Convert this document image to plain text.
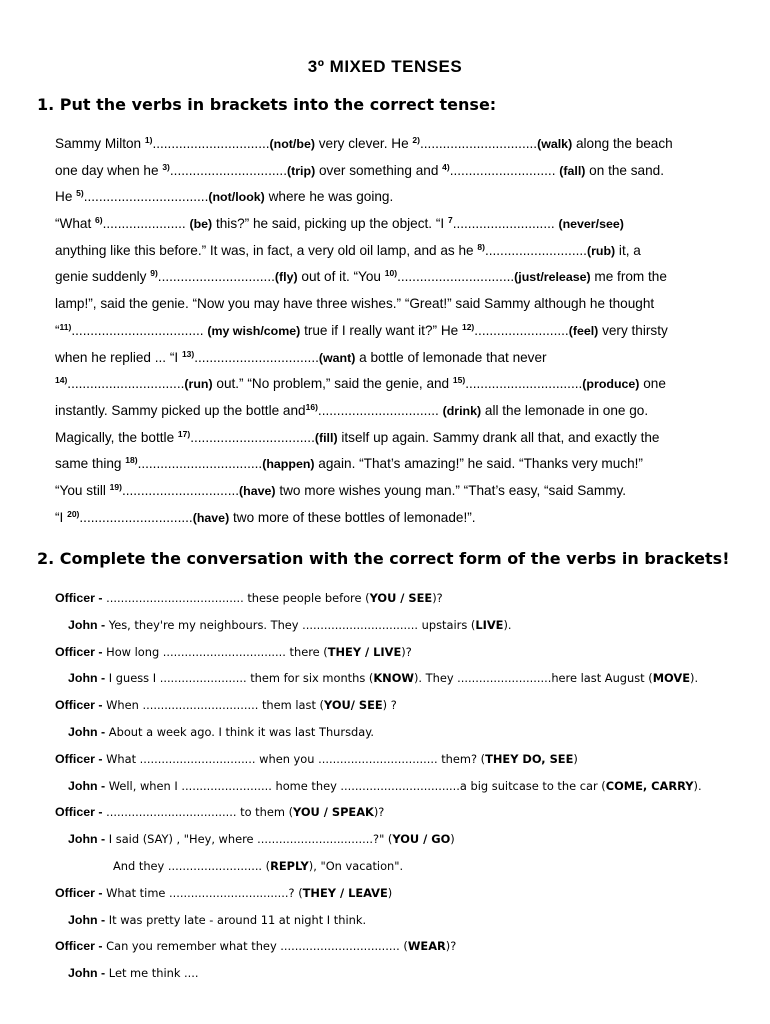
3º MIXED TENSES
1. Put the verbs in brackets into the correct tense:
Sammy Milton $^{1)}$...............................(not/be) very clever. He $^{2)}$...............................(walk) along the beach
one day when he $^{3)}$...............................(trip) over something and $^{4)}$............................ (fall) on the sand.
He $^{5)}$.................................(not/look) where he was going.
“What $^{6)}$...................... (be) this?” he said, picking up the object. “I $^7$........................... (never/see)
anything like this before.” It was, in fact, a very old oil lamp, and as he $^{8)}$...........................(rub) it, a
genie suddenly $^{9)}$...............................(fly) out of it. “You $^{10)}$...............................(just/release) me from the
lamp!”, said the genie. “Now you may have three wishes.” “Great!” said Sammy although he thought
“$^{11)}$................................... (my wish/come) true if I really want it?” He $^{12)}$.........................(feel) very thirsty
when he replied ... “I $^{13)}$.................................(want) a bottle of lemonade that never
$^{14)}$...............................(run) out.” “No problem,” said the genie, and $^{15)}$...............................(produce) one
instantly. Sammy picked up the bottle and$^{16)}$................................ (drink) all the lemonade in one go.
Magically, the bottle $^{17)}$.................................(fill) itself up again. Sammy drank all that, and exactly the
same thing $^{18)}$.................................(happen) again. “That’s amazing!” he said. “Thanks very much!”
“You still $^{19)}$...............................(have) two more wishes young man.” “That’s easy, “said Sammy.
“I $^{20)}$..............................(have) two more of these bottles of lemonade!”.
2. Complete the conversation with the correct form of the verbs in brackets!
Officer - ...................................... these people before (YOU / SEE)?
John - Yes, they're my neighbours. They ................................ upstairs (LIVE).
Officer - How long .................................. there (THEY / LIVE)?
John - I guess I ........................ them for six months (KNOW). They ..........................here last August (MOVE).
Officer - When ................................ them last (YOU/ SEE) ?
John - About a week ago. I think it was last Thursday.
Officer - What ................................ when you ................................. them? (THEY DO, SEE)
John - Well, when I ......................... home they .................................a big suitcase to the car (COME, CARRY).
Officer - .................................... to them (YOU / SPEAK)?
John - I said (SAY) , "Hey, where ................................?" (YOU / GO)
And they .......................... (REPLY), "On vacation".
Officer - What time .................................? (THEY / LEAVE)
John - It was pretty late - around 11 at night I think.
Officer - Can you remember what they ................................. (WEAR)?
John - Let me think ....
